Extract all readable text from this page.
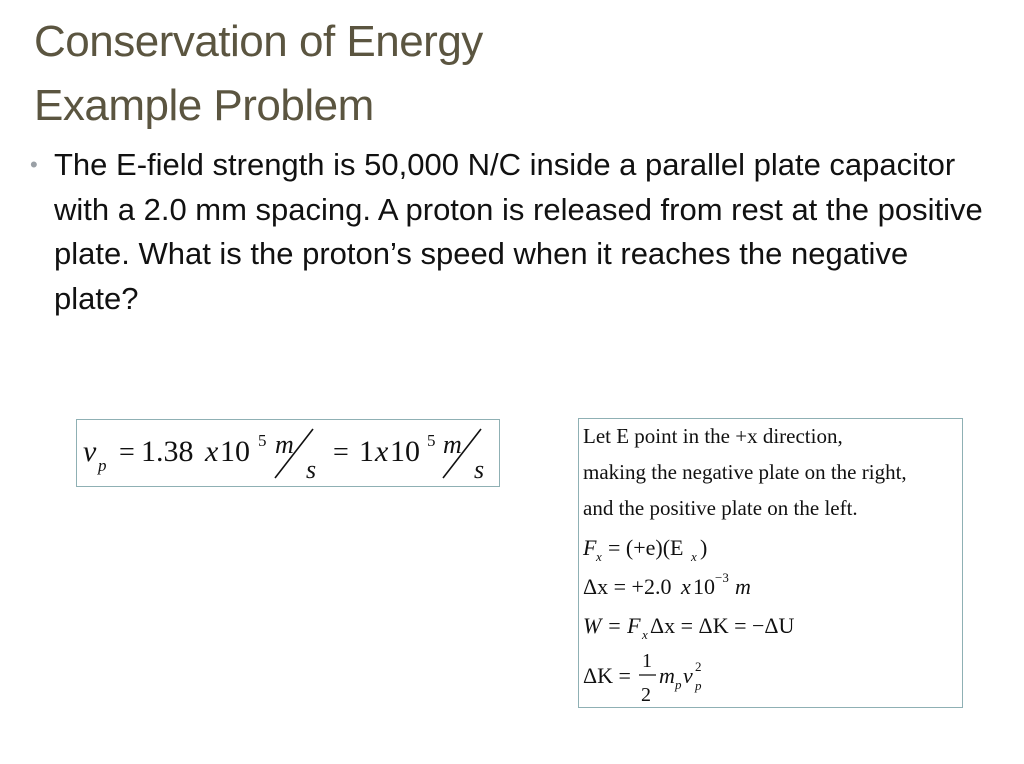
Conservation of Energy
Example Problem
• The E-field strength is 50,000 N/C inside a parallel plate capacitor with a 2.0 mm spacing. A proton is released from rest at the positive plate. What is the proton’s speed when it reaches the negative plate?
v p = 1.38 x 10 5 m
s
= 1 x 10 5 m
s
Let E point in the +x direction,
making the negative plate on the right,
and the positive plate on the left.
F x = (+e)(E x )
Δx = +2.0 x 10 −3 m
W = F x Δx = ΔK = −ΔU
ΔK =
1
2
m p v p
2
